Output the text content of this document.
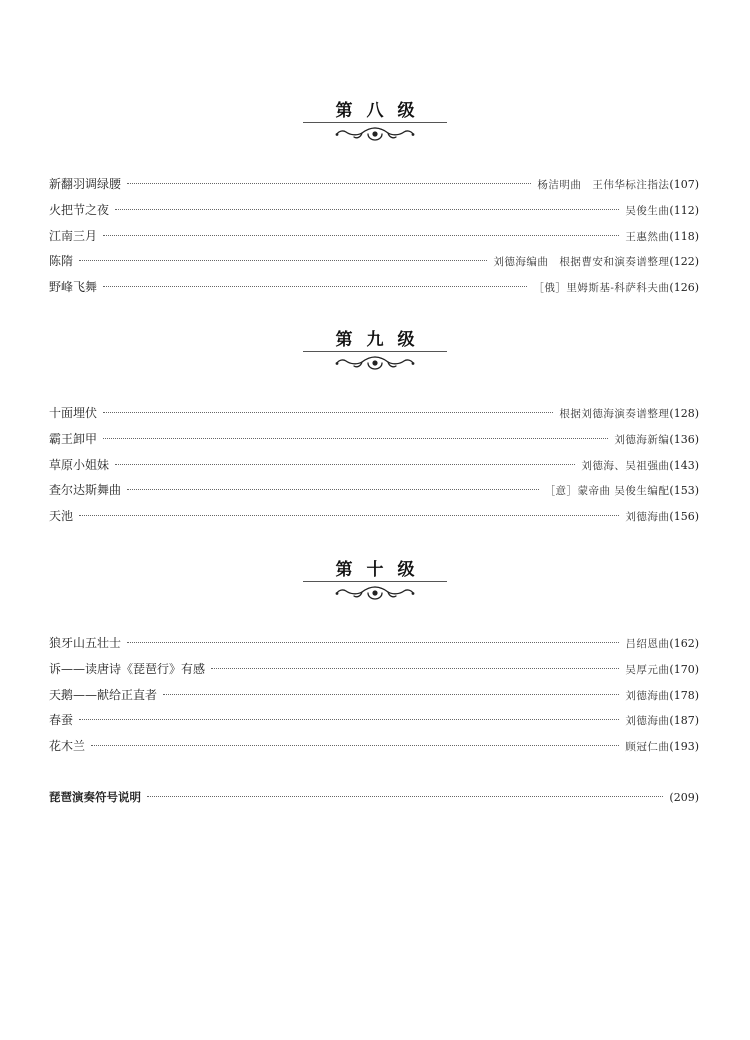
第八级
新翻羽调绿腰	杨洁明曲　王伟华标注指法 (107)
火把节之夜	吴俊生曲 (112)
江南三月	王惠然曲 (118)
陈隋	刘德海编曲　根据曹安和演奏谱整理 (122)
野峰飞舞	［俄］里姆斯基-科萨科夫曲 (126)
第九级
十面埋伏	根据刘德海演奏谱整理 (128)
霸王卸甲	刘德海新编 (136)
草原小姐妹	刘德海、吴祖强曲 (143)
查尔达斯舞曲	［意］蒙帝曲 吴俊生编配 (153)
天池	刘德海曲 (156)
第十级
狼牙山五壮士	吕绍恩曲 (162)
诉——读唐诗《琵琶行》有感	吴厚元曲 (170)
天鹅——献给正直者	刘德海曲 (178)
春蚕	刘德海曲 (187)
花木兰	顾冠仁曲 (193)
琵琶演奏符号说明	(209)
